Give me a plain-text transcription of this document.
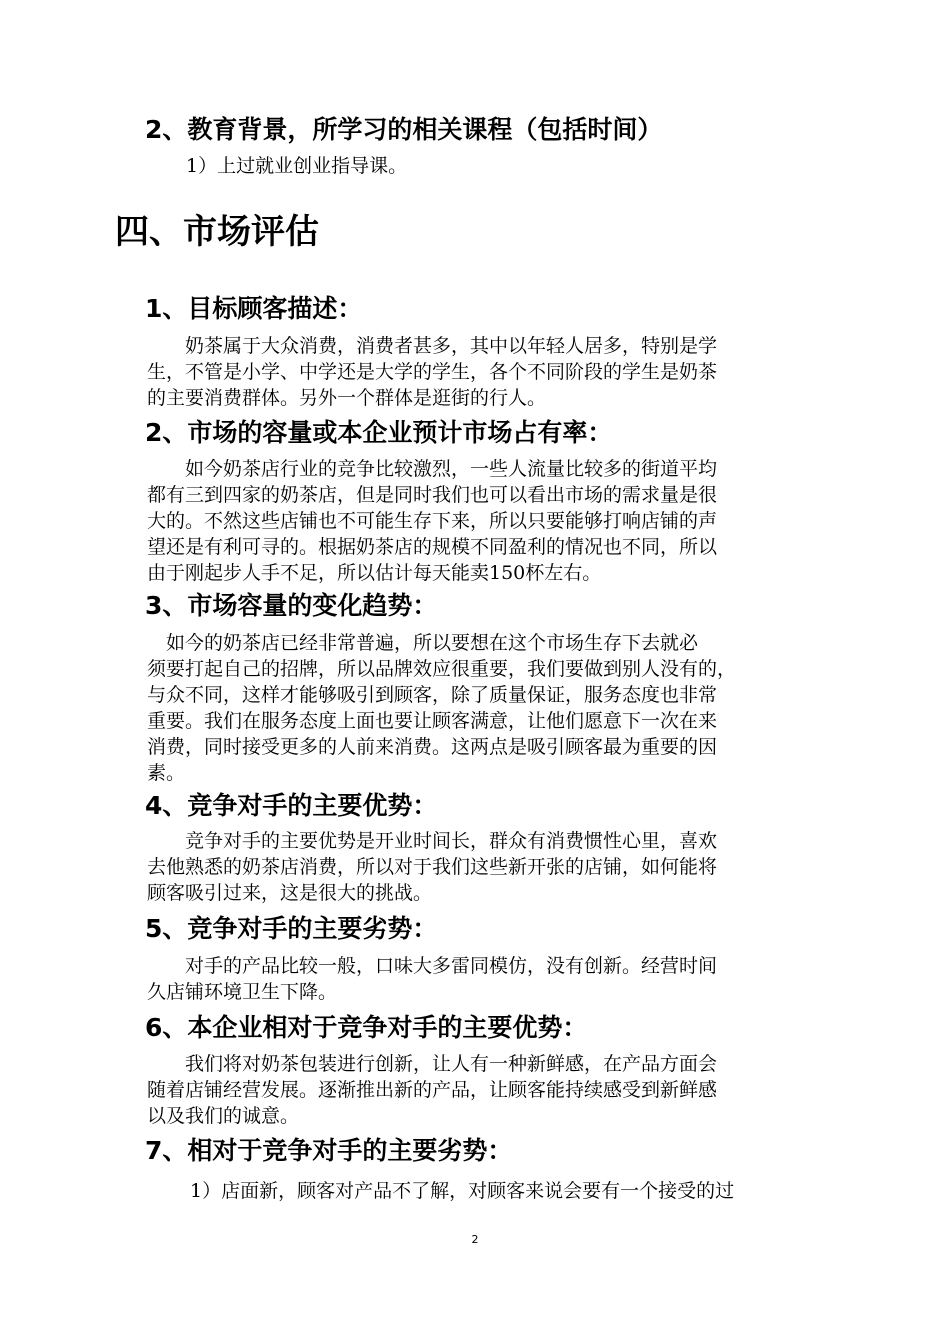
2、教育背景，所学习的相关课程（包括时间）

1）上过就业创业指导课。

四、市场评估
1、目标顾客描述：

　　奶茶属于大众消费，消费者甚多，其中以年轻人居多，特别是学
生，不管是小学、中学还是大学的学生，各个不同阶段的学生是奶茶
的主要消费群体。另外一个群体是逛街的行人。

2、市场的容量或本企业预计市场占有率：

　　如今奶茶店行业的竞争比较激烈，一些人流量比较多的街道平均
都有三到四家的奶茶店，但是同时我们也可以看出市场的需求量是很
大的。不然这些店铺也不可能生存下来，所以只要能够打响店铺的声
望还是有利可寻的。根据奶茶店的规模不同盈利的情况也不同，所以
由于刚起步人手不足，所以估计每天能卖150杯左右。

3、市场容量的变化趋势：

　如今的奶茶店已经非常普遍，所以要想在这个市场生存下去就必
须要打起自己的招牌，所以品牌效应很重要，我们要做到别人没有的，
与众不同，这样才能够吸引到顾客，除了质量保证，服务态度也非常
重要。我们在服务态度上面也要让顾客满意，让他们愿意下一次在来
消费，同时接受更多的人前来消费。这两点是吸引顾客最为重要的因
素。

4、竞争对手的主要优势：

　　竞争对手的主要优势是开业时间长，群众有消费惯性心里，喜欢
去他熟悉的奶茶店消费，所以对于我们这些新开张的店铺，如何能将
顾客吸引过来，这是很大的挑战。

5、竞争对手的主要劣势：

　　对手的产品比较一般，口味大多雷同模仿，没有创新。经营时间
久店铺环境卫生下降。

6、本企业相对于竞争对手的主要优势：

　　我们将对奶茶包装进行创新，让人有一种新鲜感，在产品方面会
随着店铺经营发展。逐渐推出新的产品，让顾客能持续感受到新鲜感
以及我们的诚意。

7、相对于竞争对手的主要劣势：

1）店面新，顾客对产品不了解，对顾客来说会要有一个接受的过

2
